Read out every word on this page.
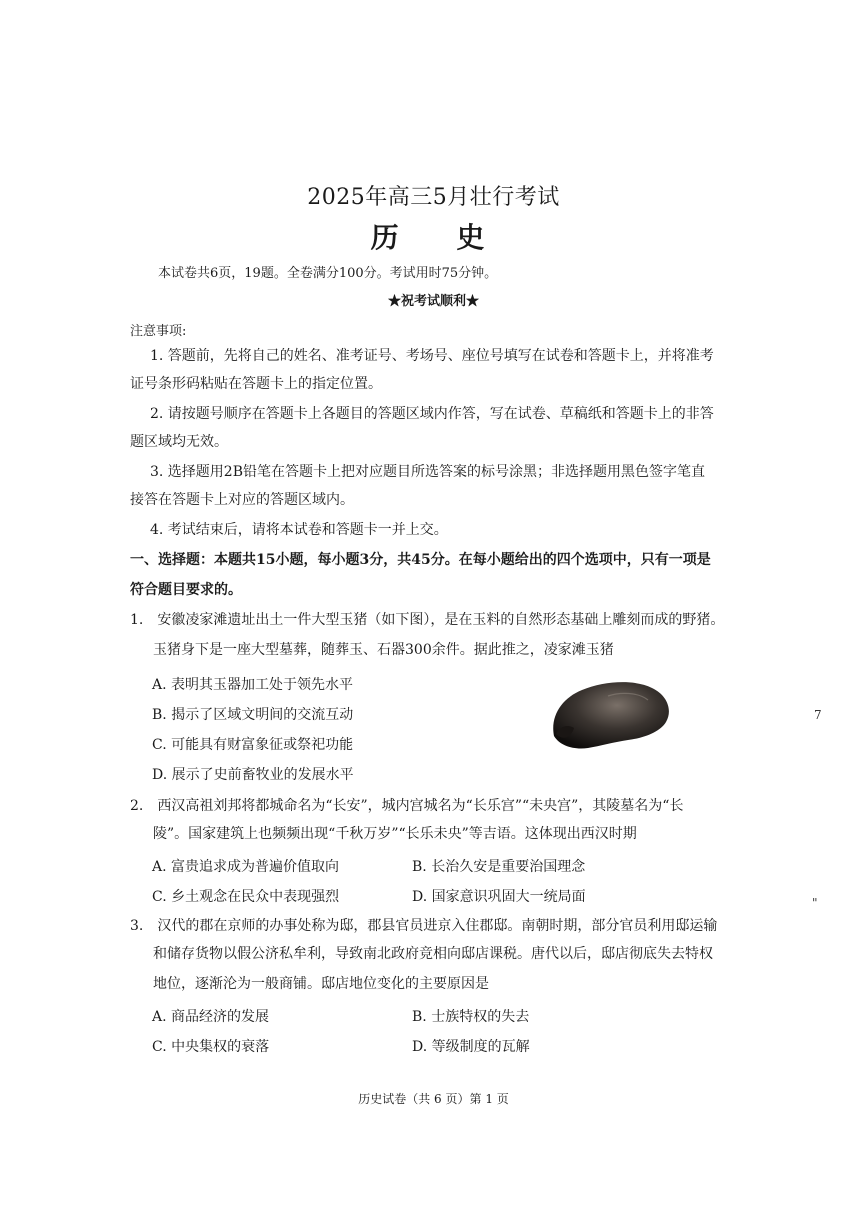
2025年高三5月壮行考试
历 史
本试卷共6页，19题。全卷满分100分。考试用时75分钟。
★祝考试顺利★
注意事项:
1. 答题前，先将自己的姓名、准考证号、考场号、座位号填写在试卷和答题卡上，并将准考
证号条形码粘贴在答题卡上的指定位置。
2. 请按题号顺序在答题卡上各题目的答题区域内作答，写在试卷、草稿纸和答题卡上的非答
题区域均无效。
3. 选择题用2B铅笔在答题卡上把对应题目所选答案的标号涂黑；非选择题用黑色签字笔直
接答在答题卡上对应的答题区域内。
4. 考试结束后，请将本试卷和答题卡一并上交。
一、选择题：本题共15小题，每小题3分，共45分。在每小题给出的四个选项中，只有一项是
符合题目要求的。
1. 安徽凌家滩遗址出土一件大型玉猪（如下图），是在玉料的自然形态基础上雕刻而成的野猪。
玉猪身下是一座大型墓葬，随葬玉、石器300余件。据此推之，凌家滩玉猪
A. 表明其玉器加工处于领先水平
B. 揭示了区域文明间的交流互动
C. 可能具有财富象征或祭祀功能
D. 展示了史前畜牧业的发展水平
2. 西汉高祖刘邦将都城命名为“长安”，城内宫城名为“长乐宫”“未央宫”，其陵墓名为“长
陵”。国家建筑上也频频出现“千秋万岁”“长乐未央”等吉语。这体现出西汉时期
A. 富贵追求成为普遍价值取向	B. 长治久安是重要治国理念
C. 乡土观念在民众中表现强烈	D. 国家意识巩固大一统局面
3. 汉代的郡在京师的办事处称为邸，郡县官员进京入住郡邸。南朝时期，部分官员利用邸运输
和储存货物以假公济私牟利，导致南北政府竞相向邸店课税。唐代以后，邸店彻底失去特权
地位，逐渐沦为一般商铺。邸店地位变化的主要原因是
A. 商品经济的发展	B. 士族特权的失去
C. 中央集权的衰落	D. 等级制度的瓦解
7
"
历史试卷（共 6 页）第 1 页
